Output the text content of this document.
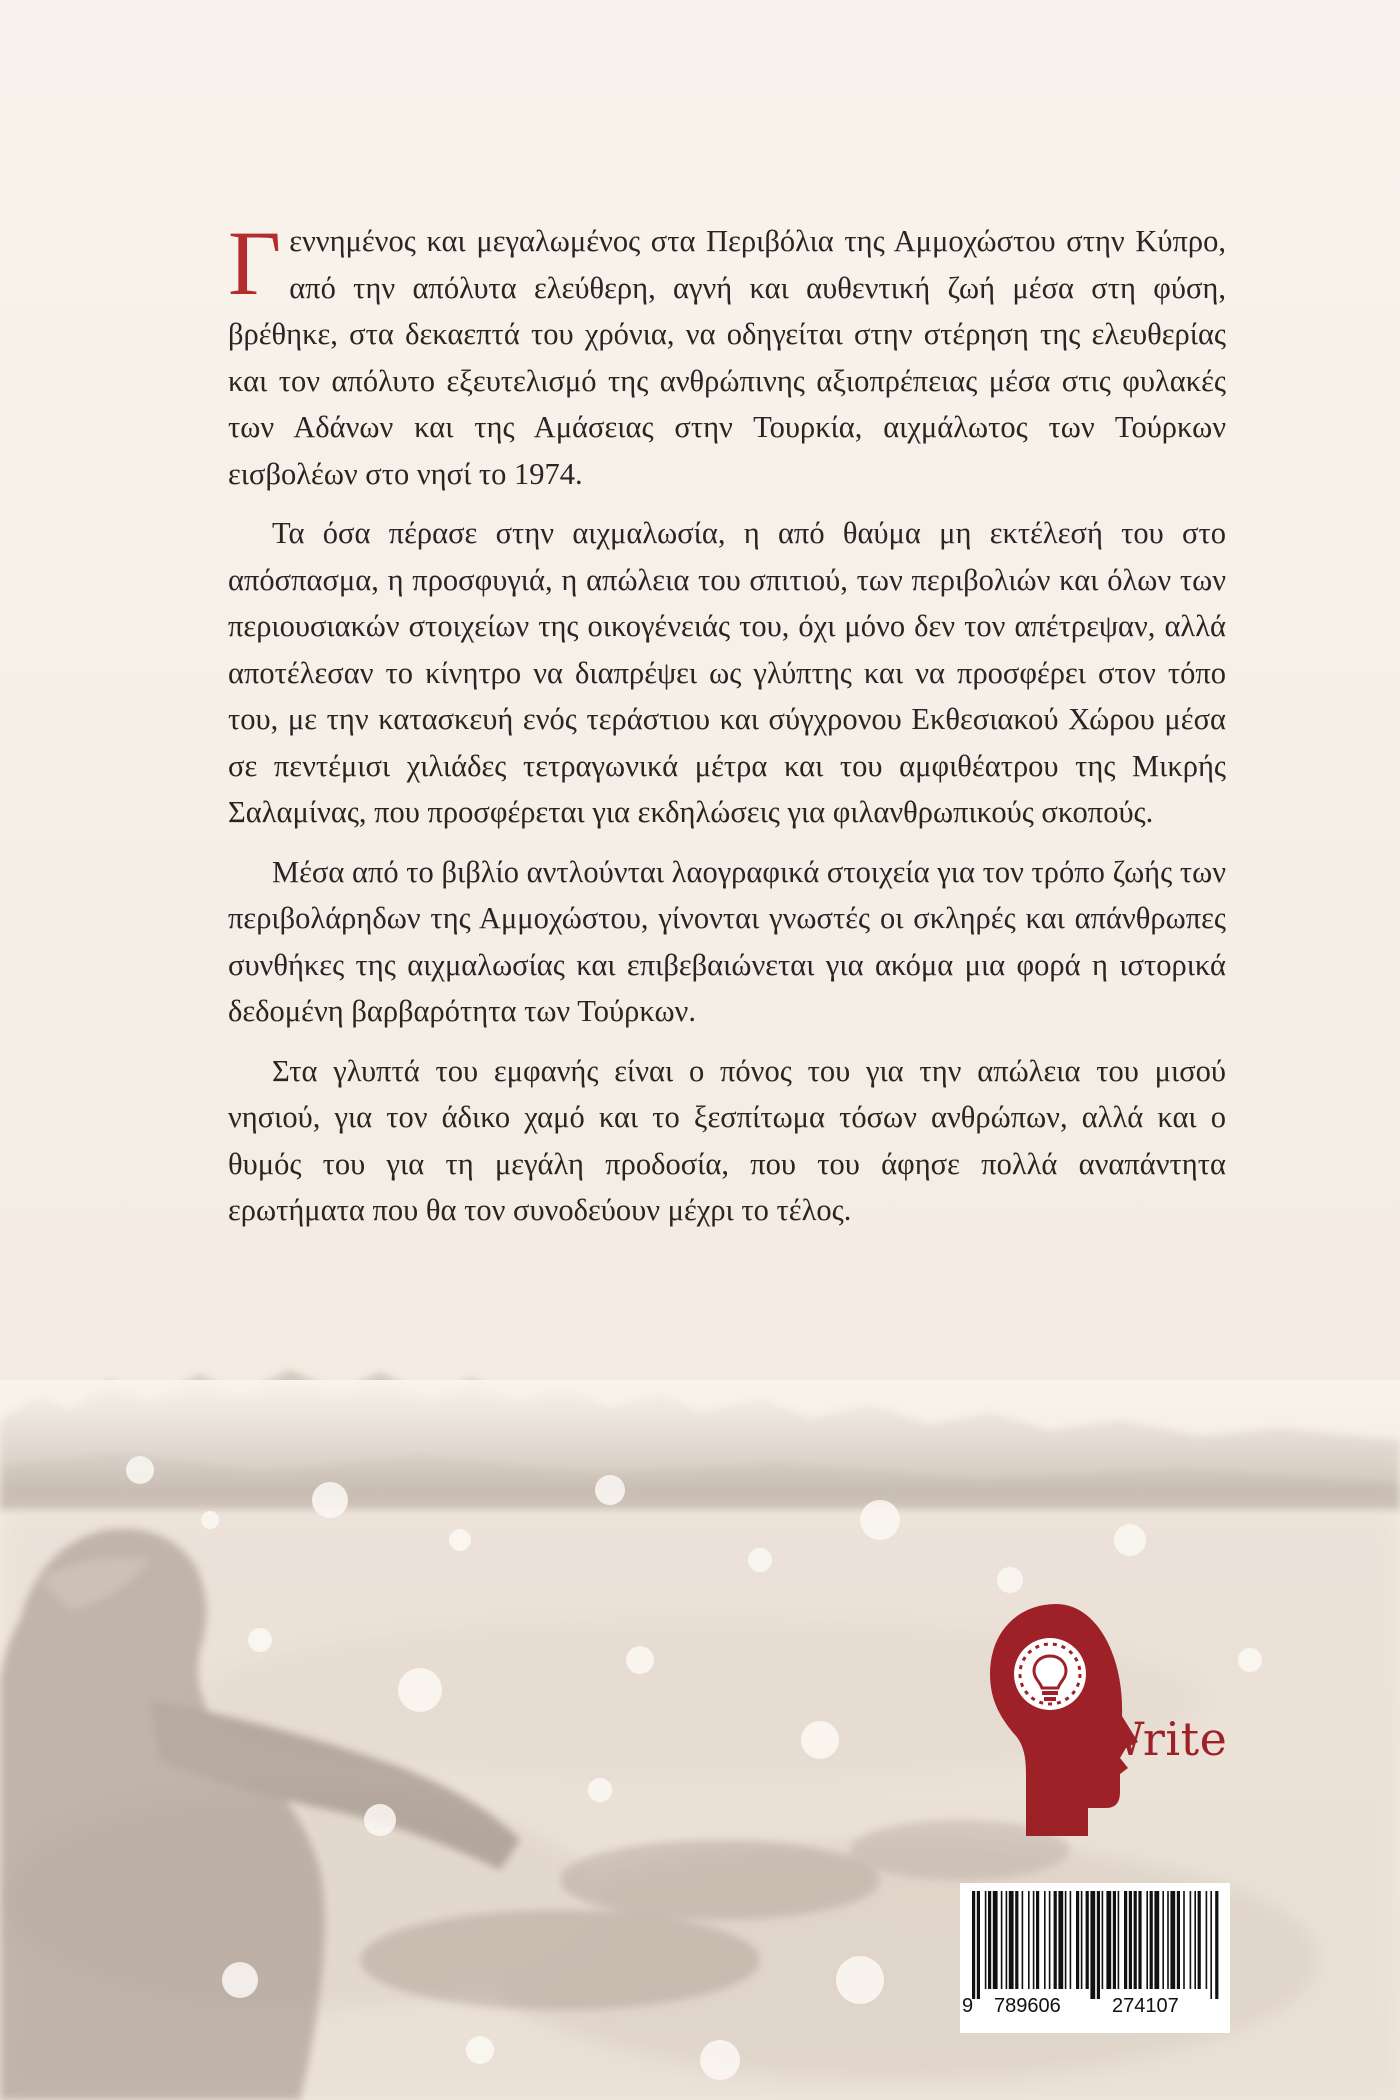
Γεννημένος και μεγαλωμένος στα Περιβόλια της Αμμοχώστου στην Κύπρο, από την απόλυτα ελεύθερη, αγνή και αυθεντική ζωή μέσα στη φύση, βρέθηκε, στα δεκαεπτά του χρόνια, να οδηγείται στην στέρηση της ελευθερίας και τον απόλυτο εξευτελισμό της ανθρώπινης αξιοπρέπειας μέσα στις φυλακές των Αδάνων και της Αμάσειας στην Τουρκία, αιχμάλωτος των Τούρκων εισβολέων στο νησί το 1974.

Τα όσα πέρασε στην αιχμαλωσία, η από θαύμα μη εκτέλεσή του στο απόσπασμα, η προσφυγιά, η απώλεια του σπιτιού, των περιβολιών και όλων των περιουσιακών στοιχείων της οικογένειάς του, όχι μόνο δεν τον απέτρεψαν, αλλά αποτέλεσαν το κίνητρο να διαπρέψει ως γλύπτης και να προσφέρει στον τόπο του, με την κατασκευή ενός τεράστιου και σύγχρονου Εκθεσιακού Χώρου μέσα σε πεντέμισι χιλιάδες τετραγωνικά μέτρα και του αμφιθέατρου της Μικρής Σαλαμίνας, που προσφέρεται για εκδηλώσεις για φιλανθρωπικούς σκοπούς.

Μέσα από το βιβλίο αντλούνται λαογραφικά στοιχεία για τον τρόπο ζωής των περιβολάρηδων της Αμμοχώστου, γίνονται γνωστές οι σκληρές και απάνθρωπες συνθήκες της αιχμαλωσίας και επιβεβαιώνεται για ακόμα μια φορά η ιστορικά δεδομένη βαρβαρότητα των Τούρκων.

Στα γλυπτά του εμφανής είναι ο πόνος του για την απώλεια του μισού νησιού, για τον άδικο χαμό και το ξεσπίτωμα τόσων ανθρώπων, αλλά και ο θυμός του για τη μεγάλη προδοσία, που του άφησε πολλά αναπάντητα ερωτήματα που θα τον συνοδεύουν μέχρι το τέλος.

iWrite
9 789606	274107
